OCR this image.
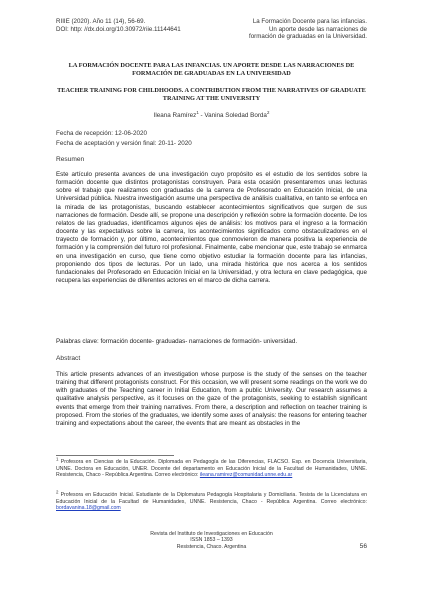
RIIIE (2020). Año 11 (14), 56-69.
DOI: http: //dx.doi.org/10.30972/riie.11144641
La Formación Docente para las infancias.
Un aporte desde las narraciones de
formación de graduadas en la Universidad.
LA FORMACIÓN DOCENTE PARA LAS INFANCIAS. UN APORTE DESDE LAS NARRACIONES DE FORMACIÓN DE GRADUADAS EN LA UNIVERSIDAD
TEACHER TRAINING FOR CHILDHOODS. A CONTRIBUTION FROM THE NARRATIVES OF GRADUATE TRAINING AT THE UNIVERSITY
Ileana Ramírez$^1$ - Vanina Soledad Borda$^2$
Fecha de recepción: 12-06-2020
Fecha de aceptación y versión final: 20-11- 2020
Resumen
Este artículo presenta avances de una investigación cuyo propósito es el estudio de los sentidos sobre la formación docente que distintos protagonistas construyen. Para esta ocasión presentaremos unas lecturas sobre el trabajo que realizamos con graduadas de la carrera de Profesorado en Educación Inicial, de una Universidad pública. Nuestra investigación asume una perspectiva de análisis cualitativa, en tanto se enfoca en la mirada de las protagonistas, buscando establecer acontecimientos significativos que surgen de sus narraciones de formación. Desde allí, se propone una descripción y reflexión sobre la formación docente. De los relatos de las graduadas, identificamos algunos ejes de análisis: los motivos para el ingreso a la formación docente y las expectativas sobre la carrera, los acontecimientos significados como obstaculizadores en el trayecto de formación y, por último, acontecimientos que conmovieron de manera positiva la experiencia de formación y la comprensión del futuro rol profesional. Finalmente, cabe mencionar que, este trabajo se enmarca en una investigación en curso, que tiene como objetivo estudiar la formación docente para las infancias, proponiendo dos tipos de lecturas. Por un lado, una mirada histórica que nos acerca a los sentidos fundacionales del Profesorado en Educación Inicial en la Universidad, y otra lectura en clave pedagógica, que recupera las experiencias de diferentes actores en el marco de dicha carrera.
Palabras clave: formación docente- graduadas- narraciones de formación- universidad.
Abstract
This article presents advances of an investigation whose purpose is the study of the senses on the teacher training that different protagonists construct. For this occasion, we will present some readings on the work we do with graduates of the Teaching career in Initial Education, from a public University. Our research assumes a qualitative analysis perspective, as it focuses on the gaze of the protagonists, seeking to establish significant events that emerge from their training narratives. From there, a description and reflection on teacher training is proposed. From the stories of the graduates, we identify some axes of analysis: the reasons for entering teacher training and expectations about the career, the events that are meant as obstacles in the
$^1$ Profesora en Ciencias de la Educación. Diplomada en Pedagogía de las Diferencias, FLACSO. Esp. en Docencia Universitaria, UNNE. Doctora en Educación, UNER. Docente del departamento en Educación Inicial de la Facultad de Humanidades, UNNE. Resistencia, Chaco - República Argentina. Correo electrónico: ileana.ramirez@comunidad.unne.edu.ar
$^2$ Profesora en Educación Inicial. Estudiante de la Diplomatura Pedagogía Hospitalaria y Domiciliaria. Tesista de la Licenciatura en Educación Inicial de la Facultad de Humanidades, UNNE. Resistencia, Chaco - República Argentina. Correo electrónico: bordavanina.18@gmail.com
Revista del Instituto de Investigaciones en Educación
ISSN 1853 – 1393
Resistencia, Chaco. Argentina	56
